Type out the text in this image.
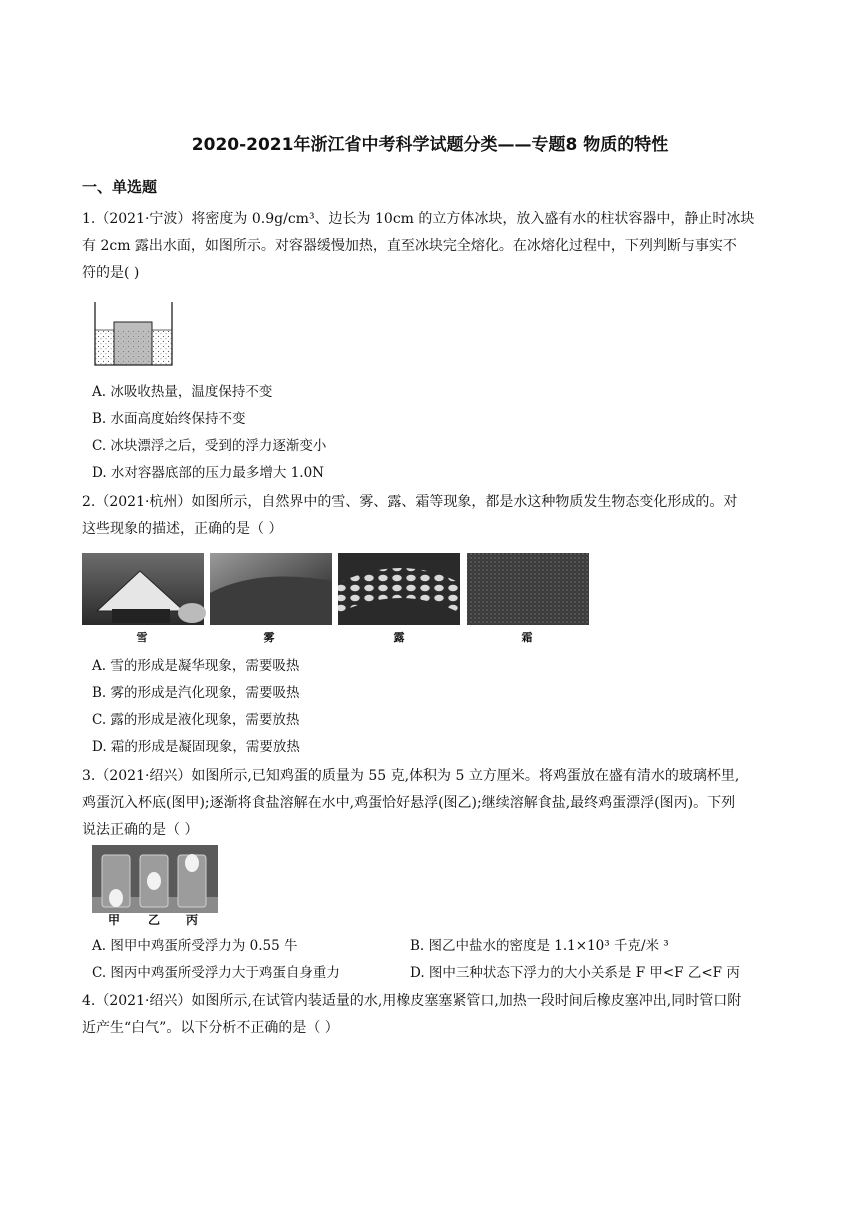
2020-2021年浙江省中考科学试题分类——专题8 物质的特性
一、单选题
1.（2021·宁波）将密度为 0.9g/cm³、边长为 10cm 的立方体冰块，放入盛有水的柱状容器中，静止时冰块
有 2cm 露出水面，如图所示。对容器缓慢加热，直至冰块完全熔化。在冰熔化过程中，下列判断与事实不
符的是( )
A. 冰吸收热量，温度保持不变
B. 水面高度始终保持不变
C. 冰块漂浮之后，受到的浮力逐渐变小
D. 水对容器底部的压力最多增大 1.0N
2.（2021·杭州）如图所示，自然界中的雪、雾、露、霜等现象，都是水这种物质发生物态变化形成的。对
这些现象的描述，正确的是（ ）
雪	雾	露	霜
A. 雪的形成是凝华现象，需要吸热
B. 雾的形成是汽化现象，需要吸热
C. 露的形成是液化现象，需要放热
D. 霜的形成是凝固现象，需要放热
3.（2021·绍兴）如图所示,已知鸡蛋的质量为 55 克,体积为 5 立方厘米。将鸡蛋放在盛有清水的玻璃杯里,
鸡蛋沉入杯底(图甲);逐渐将食盐溶解在水中,鸡蛋恰好悬浮(图乙);继续溶解食盐,最终鸡蛋漂浮(图丙)。下列
说法正确的是（ ）
甲	乙	丙
A. 图甲中鸡蛋所受浮力为 0.55 牛	B. 图乙中盐水的密度是 1.1×10³ 千克/米 ³
C. 图丙中鸡蛋所受浮力大于鸡蛋自身重力	D. 图中三种状态下浮力的大小关系是 F 甲<F 乙<F 丙
4.（2021·绍兴）如图所示,在试管内装适量的水,用橡皮塞塞紧管口,加热一段时间后橡皮塞冲出,同时管口附
近产生“白气”。以下分析不正确的是（ ）
